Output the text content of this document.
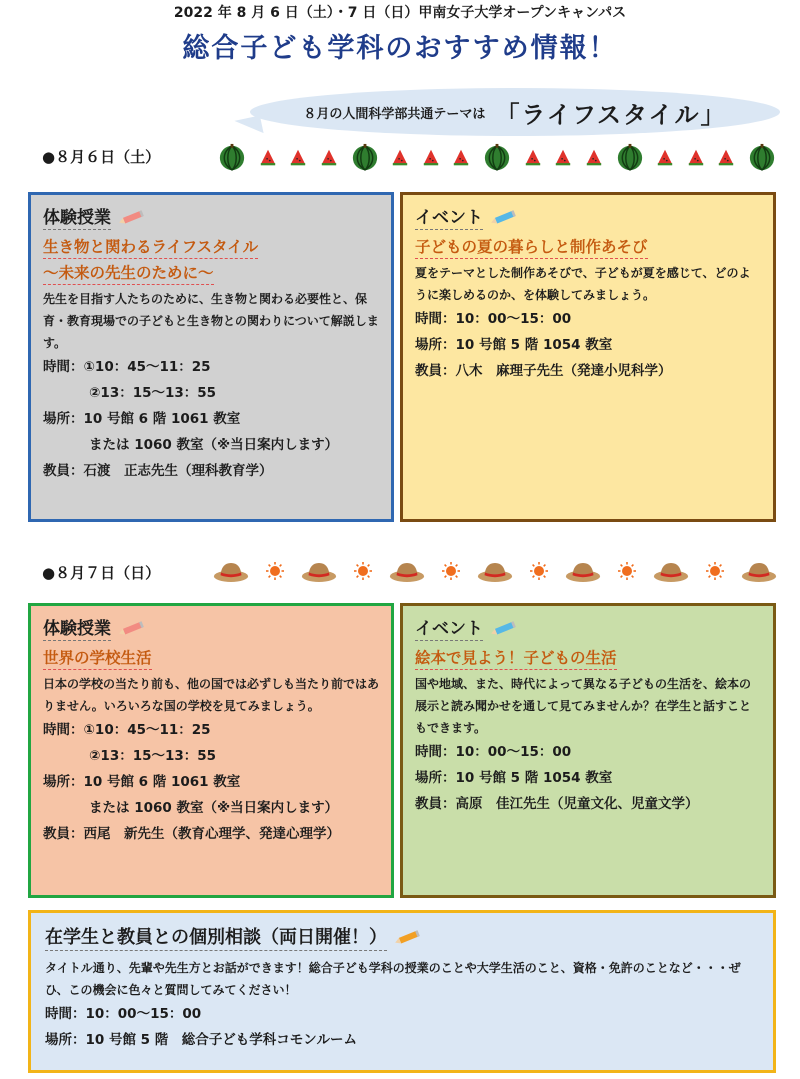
2022 年 8 月 6 日（土）・7 日（日）甲南女子大学オープンキャンパス
総合子ども学科のおすすめ情報！
８月の人間科学部共通テーマは 「ライフスタイル」
●８月６日（土）
体験授業
生き物と関わるライフスタイル
～未来の先生のために～
先生を目指す人たちのために、生き物と関わる必要性と、保育・教育現場での子どもと生き物との関わりについて解説します。
時間：①10：45～11：25
②13：15～13：55
場所：10 号館 6 階 1061 教室
または 1060 教室（※当日案内します）
教員：石渡　正志先生（理科教育学）
イベント
子どもの夏の暮らしと制作あそび
夏をテーマとした制作あそびで、子どもが夏を感じて、どのように楽しめるのか、を体験してみましょう。
時間：10：00～15：00
場所：10 号館 5 階 1054 教室
教員：八木　麻理子先生（発達小児科学）
●８月７日（日）
体験授業
世界の学校生活
日本の学校の当たり前も、他の国では必ずしも当たり前ではありません。いろいろな国の学校を見てみましょう。
時間：①10：45～11：25
②13：15～13：55
場所：10 号館 6 階 1061 教室
または 1060 教室（※当日案内します）
教員：西尾　新先生（教育心理学、発達心理学）
イベント
絵本で見よう！子どもの生活
国や地域、また、時代によって異なる子どもの生活を、絵本の展示と読み聞かせを通して見てみませんか？在学生と話すこともできます。
時間：10：00～15：00
場所：10 号館 5 階 1054 教室
教員：高原　佳江先生（児童文化、児童文学）
在学生と教員との個別相談（両日開催！）
タイトル通り、先輩や先生方とお話ができます！総合子ども学科の授業のことや大学生活のこと、資格・免許のことなど・・・ぜひ、この機会に色々と質問してみてください！
時間：10：00～15：00
場所：10 号館 5 階　総合子ども学科コモンルーム
